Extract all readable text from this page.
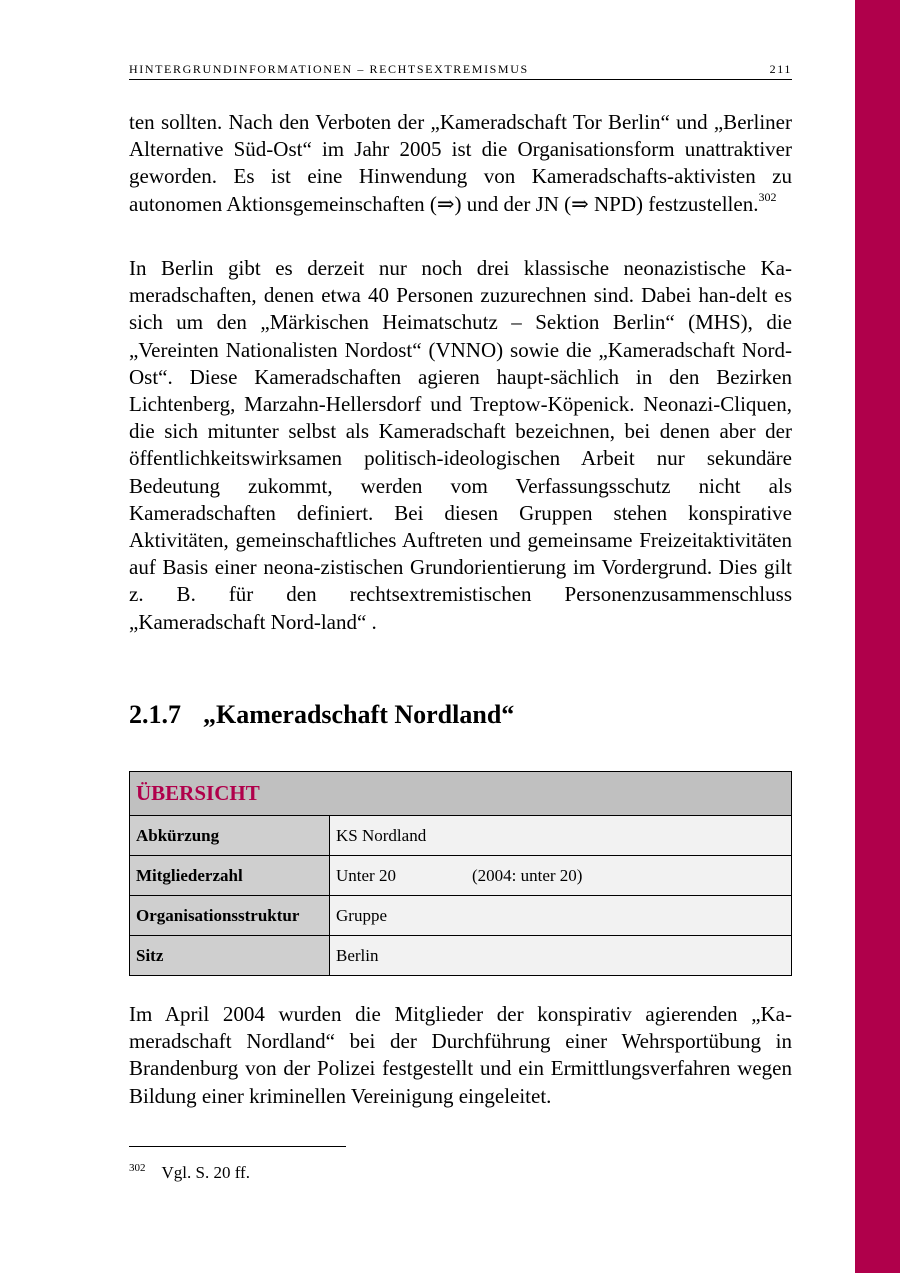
HINTERGRUNDINFORMATIONEN – RECHTSEXTREMISMUS	211

ten sollten. Nach den Verboten der „Kameradschaft Tor Berlin“ und „Berliner Alternative Süd-Ost“ im Jahr 2005 ist die Organisationsform unattraktiver geworden. Es ist eine Hinwendung von Kameradschafts-aktivisten zu autonomen Aktionsgemeinschaften (⇒) und der JN (⇒ NPD) festzustellen.$^{302}$

In Berlin gibt es derzeit nur noch drei klassische neonazistische Ka-meradschaften, denen etwa 40 Personen zuzurechnen sind. Dabei han-delt es sich um den „Märkischen Heimatschutz – Sektion Berlin“ (MHS), die „Vereinten Nationalisten Nordost“ (VNNO) sowie die „Kameradschaft Nord-Ost“. Diese Kameradschaften agieren haupt-sächlich in den Bezirken Lichtenberg, Marzahn-Hellersdorf und Treptow-Köpenick. Neonazi-Cliquen, die sich mitunter selbst als Kameradschaft bezeichnen, bei denen aber der öffentlichkeitswirksamen politisch-ideologischen Arbeit nur sekundäre Bedeutung zukommt, werden vom Verfassungsschutz nicht als Kameradschaften definiert. Bei diesen Gruppen stehen konspirative Aktivitäten, gemeinschaftliches Auftreten und gemeinsame Freizeitaktivitäten auf Basis einer neona-zistischen Grundorientierung im Vordergrund. Dies gilt z. B. für den rechtsextremistischen Personenzusammenschluss „Kameradschaft Nord-land“ .

2.1.7 „Kameradschaft Nordland“
ÜBERSICHT	
Abkürzung	KS Nordland
Mitgliederzahl	Unter 20 (2004: unter 20)
Organisationsstruktur	Gruppe
Sitz	Berlin

Im April 2004 wurden die Mitglieder der konspirativ agierenden „Ka-meradschaft Nordland“ bei der Durchführung einer Wehrsportübung in Brandenburg von der Polizei festgestellt und ein Ermittlungsverfahren wegen Bildung einer kriminellen Vereinigung eingeleitet.

$^{302}$ Vgl. S. 20 ff.
